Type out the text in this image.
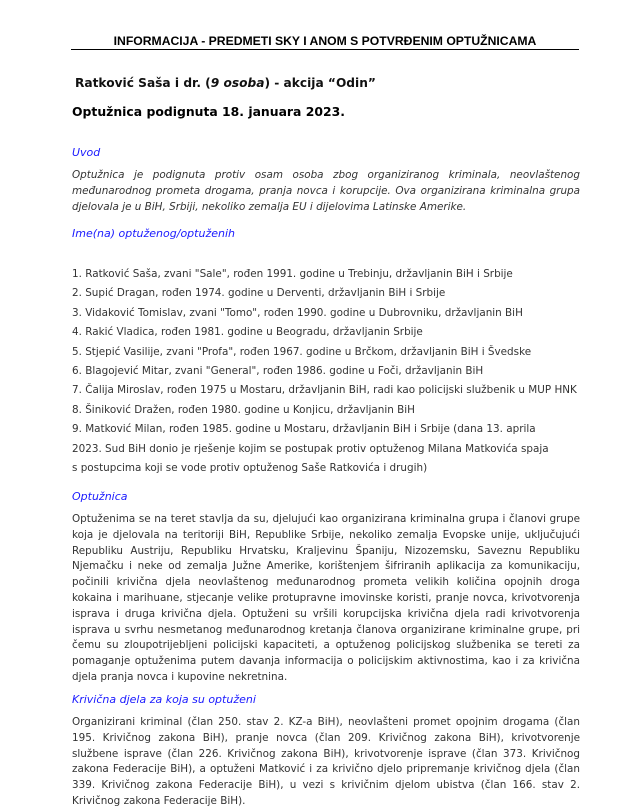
INFORMACIJA - PREDMETI SKY I ANOM S POTVRĐENIM OPTUŽNICAMA
Ratković Saša i dr. (9 osoba) - akcija “Odin”
Optužnica podignuta 18. januara 2023.
Uvod
Optužnica je podignuta protiv osam osoba zbog organiziranog kriminala, neovlaštenog međunarodnog prometa drogama, pranja novca i korupcije. Ova organizirana kriminalna grupa djelovala je u BiH, Srbiji, nekoliko zemalja EU i dijelovima Latinske Amerike.
Ime(na) optuženog/optuženih
1. Ratković Saša, zvani "Sale", rođen 1991. godine u Trebinju, državljanin BiH i Srbije
2. Supić Dragan, rođen 1974. godine u Derventi, državljanin BiH i Srbije
3. Vidaković Tomislav, zvani "Tomo", rođen 1990. godine u Dubrovniku, državljanin BiH
4. Rakić Vladica, rođen 1981. godine u Beogradu, državljanin Srbije
5. Stjepić Vasilije, zvani "Profa", rođen 1967. godine u Brčkom, državljanin BiH i Švedske
6. Blagojević Mitar, zvani "General", rođen 1986. godine u Foči, državljanin BiH
7. Čalija Miroslav, rođen 1975 u Mostaru, državljanin BiH, radi kao policijski službenik u MUP HNK
8. Šiniković Dražen, rođen 1980. godine u Konjicu, državljanin BiH
9. Matković Milan, rođen 1985. godine u Mostaru, državljanin BiH i Srbije (dana 13. aprila 2023. Sud BiH donio je rješenje kojim se postupak protiv optuženog Milana Matkovića spaja s postupcima koji se vode protiv optuženog Saše Ratkovića i drugih)
Optužnica
Optuženima se na teret stavlja da su, djelujući kao organizirana kriminalna grupa i članovi grupe koja je djelovala na teritoriji BiH, Republike Srbije, nekoliko zemalja Evopske unije, uključujući Republiku Austriju, Republiku Hrvatsku, Kraljevinu Španiju, Nizozemsku, Saveznu Republiku Njemačku i neke od zemalja Južne Amerike, korištenjem šifriranih aplikacija za komunikaciju, počinili krivična djela neovlaštenog međunarodnog prometa velikih količina opojnih droga kokaina i marihuane, stjecanje velike protupravne imovinske koristi, pranje novca, krivotvorenja isprava i druga krivična djela. Optuženi su vršili korupcijska krivična djela radi krivotvorenja isprava u svrhu nesmetanog međunarodnog kretanja članova organizirane kriminalne grupe, pri čemu su zloupotrijebljeni policijski kapaciteti, a optuženog policijskog službenika se tereti za pomaganje optuženima putem davanja informacija o policijskim aktivnostima, kao i za krivična djela pranja novca i kupovine nekretnina.
Krivična djela za koja su optuženi
Organizirani kriminal (član 250. stav 2. KZ-a BiH), neovlašteni promet opojnim drogama (član 195. Krivičnog zakona BiH), pranje novca (član 209. Krivičnog zakona BiH), krivotvorenje službene isprave (član 226. Krivičnog zakona BiH), krivotvorenje isprave (član 373. Krivičnog zakona Federacije BiH), a optuženi Matković i za krivično djelo pripremanje krivičnog djela (član 339. Krivičnog zakona Federacije BiH), u vezi s krivičnim djelom ubistva (član 166. stav 2. Krivičnog zakona Federacije BiH).
